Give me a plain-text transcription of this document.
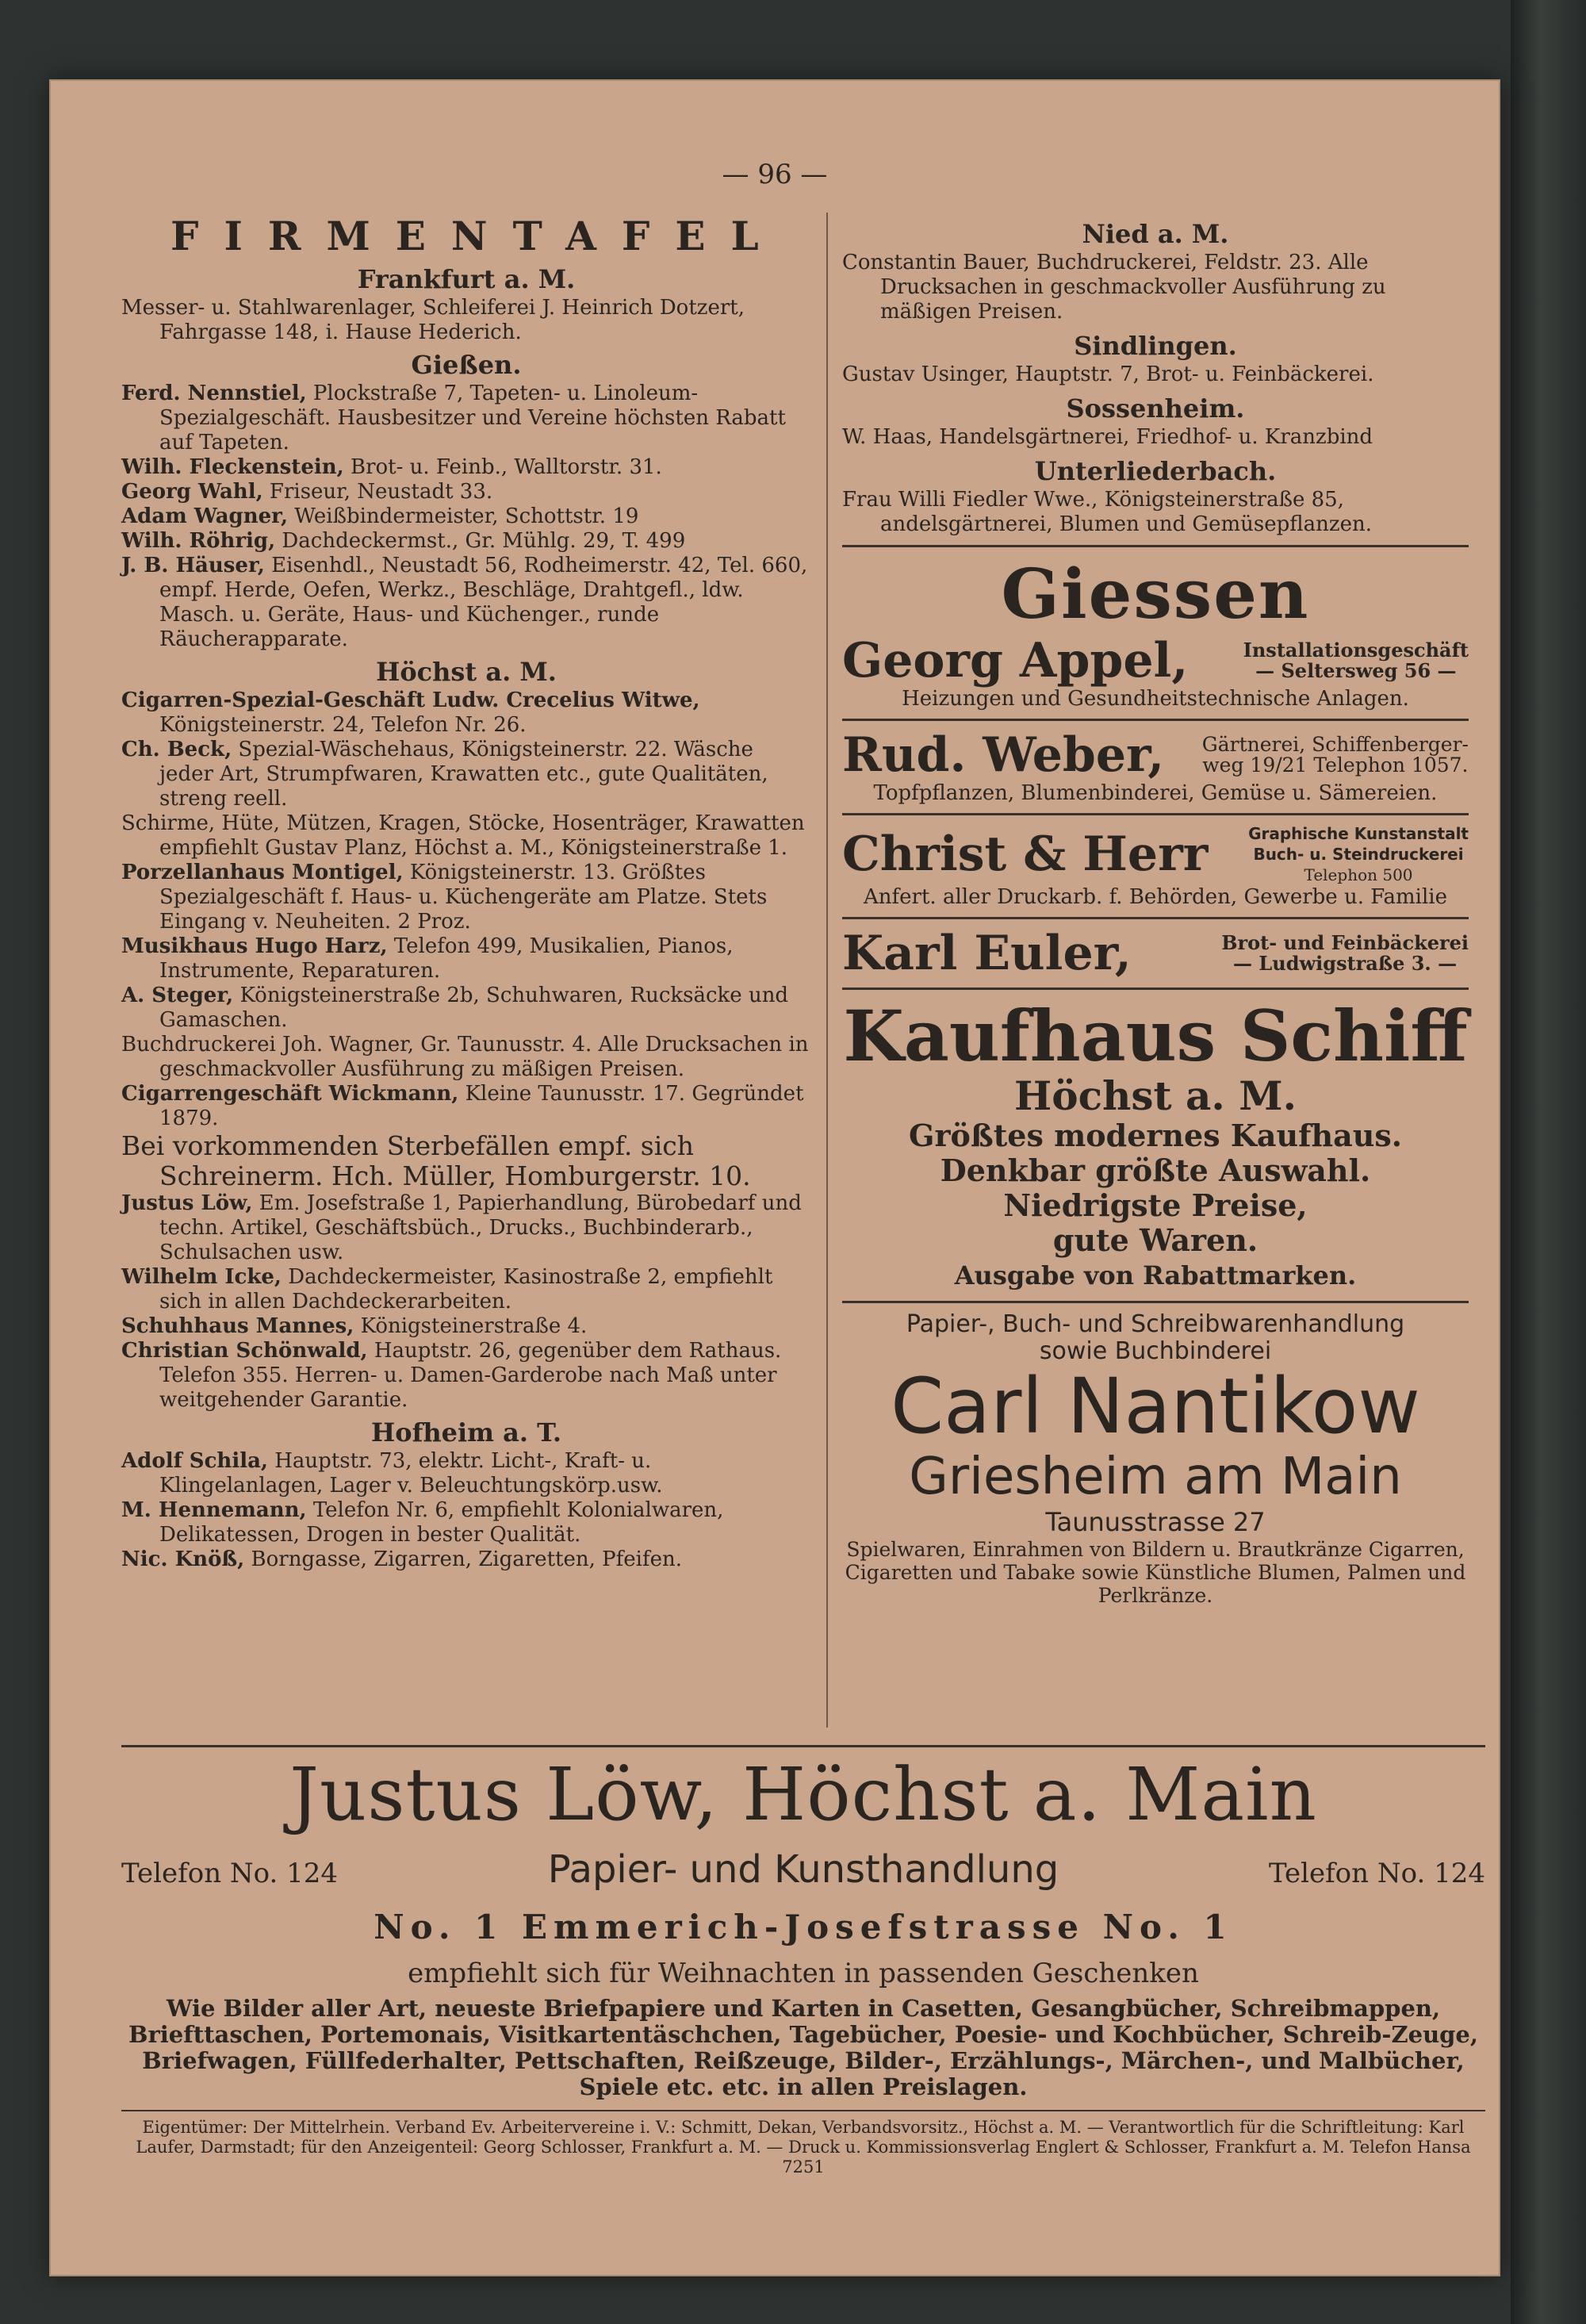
— 96 —
FIRMENTAFEL
Frankfurt a. M.

Messer- u. Stahlwarenlager, Schleiferei J. Heinrich Dotzert, Fahrgasse 148, i. Hause Hederich.

Gießen.

Ferd. Nennstiel, Plockstraße 7, Tapeten- u. Linoleum-Spezialgeschäft. Hausbesitzer und Vereine höchsten Rabatt auf Tapeten.

Wilh. Fleckenstein, Brot- u. Feinb., Walltorstr. 31.

Georg Wahl, Friseur, Neustadt 33.

Adam Wagner, Weißbindermeister, Schottstr. 19

Wilh. Röhrig, Dachdeckermst., Gr. Mühlg. 29, T. 499

J. B. Häuser, Eisenhdl., Neustadt 56, Rodheimerstr. 42, Tel. 660, empf. Herde, Oefen, Werkz., Beschläge, Drahtgefl., ldw. Masch. u. Geräte, Haus- und Küchenger., runde Räucherapparate.

Höchst a. M.

Cigarren-Spezial-Geschäft Ludw. Crecelius Witwe, Königsteinerstr. 24, Telefon Nr. 26.

Ch. Beck, Spezial-Wäschehaus, Königsteinerstr. 22. Wäsche jeder Art, Strumpfwaren, Krawatten etc., gute Qualitäten, streng reell.

Schirme, Hüte, Mützen, Kragen, Stöcke, Hosenträger, Krawatten empfiehlt Gustav Planz, Höchst a. M., Königsteinerstraße 1.

Porzellanhaus Montigel, Königsteinerstr. 13. Größtes Spezialgeschäft f. Haus- u. Küchengeräte am Platze. Stets Eingang v. Neuheiten. 2 Proz.

Musikhaus Hugo Harz, Telefon 499, Musikalien, Pianos, Instrumente, Reparaturen.

A. Steger, Königsteinerstraße 2b, Schuhwaren, Rucksäcke und Gamaschen.

Buchdruckerei Joh. Wagner, Gr. Taunusstr. 4. Alle Drucksachen in geschmackvoller Ausführung zu mäßigen Preisen.

Cigarrengeschäft Wickmann, Kleine Taunusstr. 17. Gegründet 1879.

Bei vorkommenden Sterbefällen empf. sich Schreinerm. Hch. Müller, Homburgerstr. 10.

Justus Löw, Em. Josefstraße 1, Papierhandlung, Bürobedarf und techn. Artikel, Geschäftsbüch., Drucks., Buchbinderarb., Schulsachen usw.

Wilhelm Icke, Dachdeckermeister, Kasinostraße 2, empfiehlt sich in allen Dachdeckerarbeiten.

Schuhhaus Mannes, Königsteinerstraße 4.

Christian Schönwald, Hauptstr. 26, gegenüber dem Rathaus. Telefon 355. Herren- u. Damen-Garderobe nach Maß unter weitgehender Garantie.

Hofheim a. T.

Adolf Schila, Hauptstr. 73, elektr. Licht-, Kraft- u. Klingelanlagen, Lager v. Beleuchtungskörp.usw.

M. Hennemann, Telefon Nr. 6, empfiehlt Kolonialwaren, Delikatessen, Drogen in bester Qualität.

Nic. Knöß, Borngasse, Zigarren, Zigaretten, Pfeifen.

Nied a. M.

Constantin Bauer, Buchdruckerei, Feldstr. 23. Alle Drucksachen in geschmackvoller Ausführung zu mäßigen Preisen.

Sindlingen.

Gustav Usinger, Hauptstr. 7, Brot- u. Feinbäckerei.

Sossenheim.

W. Haas, Handelsgärtnerei, Friedhof- u. Kranzbind

Unterliederbach.

Frau Willi Fiedler Wwe., Königsteinerstraße 85, andelsgärtnerei, Blumen und Gemüsepflanzen.

Giessen
Georg Appel,	Installationsgeschäft
— Seltersweg 56 —
Heizungen und Gesundheitstechnische Anlagen.
Rud. Weber, Gärtnerei, Schiffenberger-
weg 19/21 Telephon 1057.
Topfpflanzen, Blumenbinderei, Gemüse u. Sämereien.
Christ & Herr	Graphische Kunstanstalt
Buch- u. Steindruckerei
Telephon 500
Anfert. aller Druckarb. f. Behörden, Gewerbe u. Familie
Karl Euler,	Brot- und Feinbäckerei
— Ludwigstraße 3. —
Kaufhaus Schiff
Höchst a. M.
Größtes modernes Kaufhaus.
Denkbar größte Auswahl.
Niedrigste Preise,
gute Waren.
Ausgabe von Rabattmarken.
Papier-, Buch- und Schreibwarenhandlung
sowie Buchbinderei
Carl Nantikow
Griesheim am Main
Taunusstrasse 27
Spielwaren, Einrahmen von Bildern u. Brautkränze Cigarren, Cigaretten und Tabake sowie Künstliche Blumen, Palmen und Perlkränze.
Justus Löw, Höchst a. Main
Telefon No. 124	Papier- und Kunsthandlung	Telefon No. 124
No. 1 Emmerich-Josefstrasse No. 1
empfiehlt sich für Weihnachten in passenden Geschenken
Wie Bilder aller Art, neueste Briefpapiere und Karten in Casetten, Gesangbücher, Schreibmappen, Briefttaschen, Portemonais, Visitkartentäschchen, Tagebücher, Poesie- und Kochbücher, Schreib-Zeuge, Briefwagen, Füllfederhalter, Pettschaften, Reißzeuge, Bilder-, Erzählungs-, Märchen-, und Malbücher, Spiele etc. etc. in allen Preislagen.
Eigentümer: Der Mittelrhein. Verband Ev. Arbeitervereine i. V.: Schmitt, Dekan, Verbandsvorsitz., Höchst a. M. — Verantwortlich für die Schriftleitung: Karl Laufer, Darmstadt; für den Anzeigenteil: Georg Schlosser, Frankfurt a. M. — Druck u. Kommissionsverlag Englert & Schlosser, Frankfurt a. M. Telefon Hansa 7251
